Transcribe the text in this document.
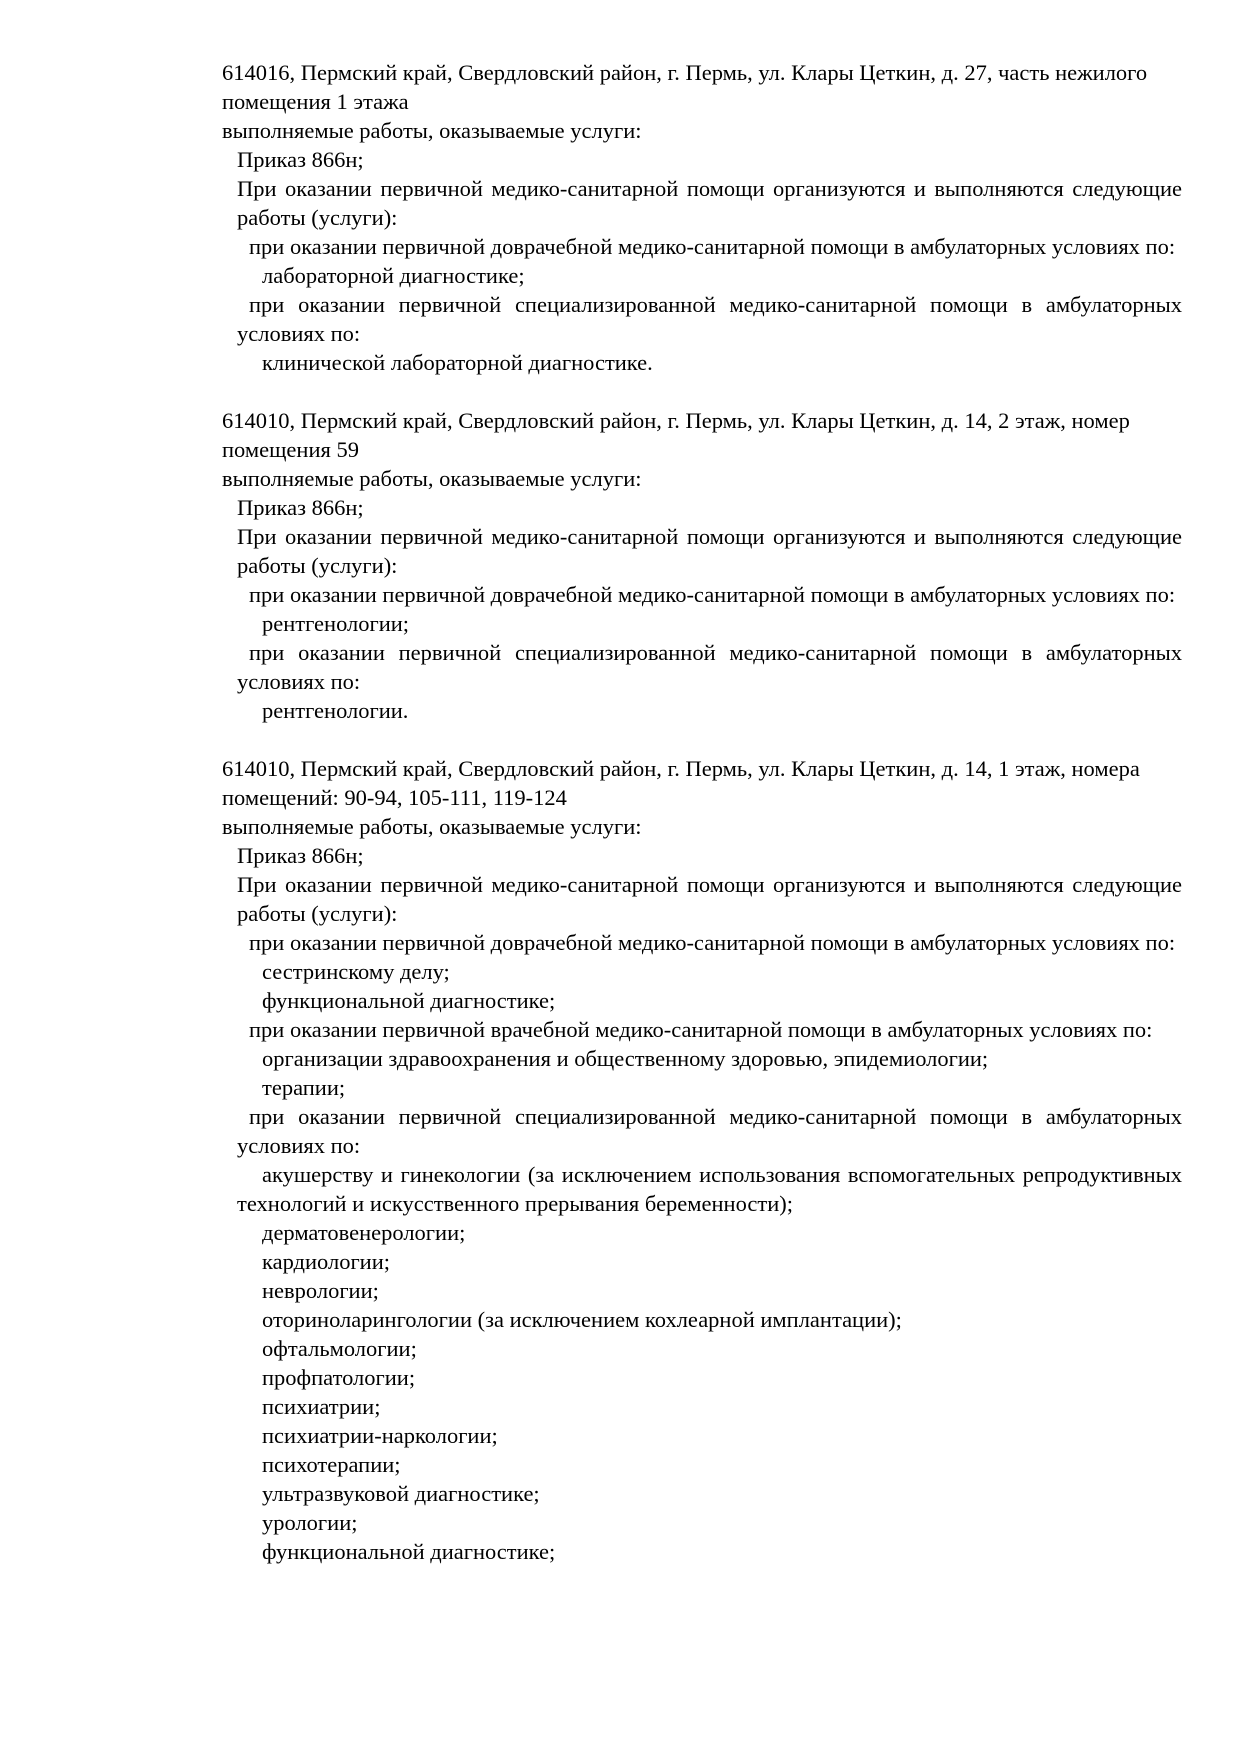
614016, Пермский край, Свердловский район, г. Пермь, ул. Клары Цеткин, д. 27, часть нежилого помещения 1 этажа

выполняемые работы, оказываемые услуги:

Приказ 866н;

При оказании первичной медико-санитарной помощи организуются и выполняются следующие работы (услуги):

при оказании первичной доврачебной медико-санитарной помощи в амбулаторных условиях по:

лабораторной диагностике;

при оказании первичной специализированной медико-санитарной помощи в амбулаторных условиях по:

клинической лабораторной диагностике.

614010, Пермский край, Свердловский район, г. Пермь, ул. Клары Цеткин, д. 14, 2 этаж, номер помещения 59

выполняемые работы, оказываемые услуги:

Приказ 866н;

При оказании первичной медико-санитарной помощи организуются и выполняются следующие работы (услуги):

при оказании первичной доврачебной медико-санитарной помощи в амбулаторных условиях по:

рентгенологии;

при оказании первичной специализированной медико-санитарной помощи в амбулаторных условиях по:

рентгенологии.

614010, Пермский край, Свердловский район, г. Пермь, ул. Клары Цеткин, д. 14, 1 этаж, номера помещений: 90-94, 105-111, 119-124

выполняемые работы, оказываемые услуги:

Приказ 866н;

При оказании первичной медико-санитарной помощи организуются и выполняются следующие работы (услуги):

при оказании первичной доврачебной медико-санитарной помощи в амбулаторных условиях по:

сестринскому делу;

функциональной диагностике;

при оказании первичной врачебной медико-санитарной помощи в амбулаторных условиях по:

организации здравоохранения и общественному здоровью, эпидемиологии;

терапии;

при оказании первичной специализированной медико-санитарной помощи в амбулаторных условиях по:

акушерству и гинекологии (за исключением использования вспомогательных репродуктивных технологий и искусственного прерывания беременности);

дерматовенерологии;

кардиологии;

неврологии;

оториноларингологии (за исключением кохлеарной имплантации);

офтальмологии;

профпатологии;

психиатрии;

психиатрии-наркологии;

психотерапии;

ультразвуковой диагностике;

урологии;

функциональной диагностике;
